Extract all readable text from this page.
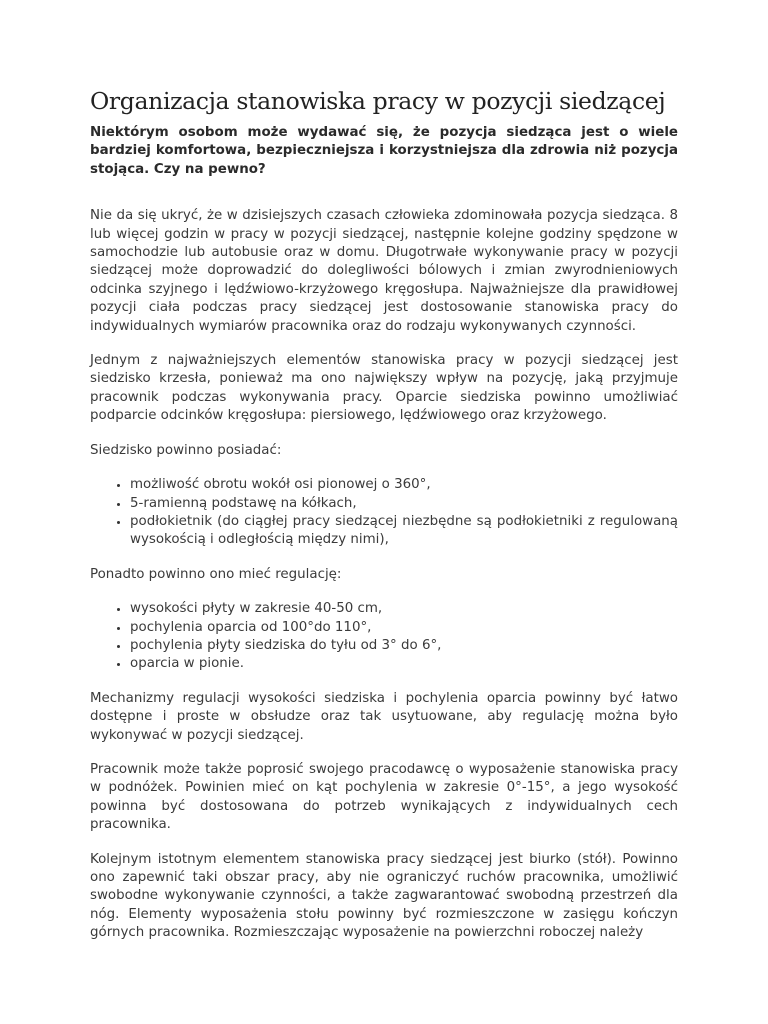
Organizacja stanowiska pracy w pozycji siedzącej

Niektórym osobom może wydawać się, że pozycja siedząca jest o wiele bardziej komfortowa, bezpieczniejsza i korzystniejsza dla zdrowia niż pozycja stojąca. Czy na pewno?

Nie da się ukryć, że w dzisiejszych czasach człowieka zdominowała pozycja siedząca. 8 lub więcej godzin w pracy w pozycji siedzącej, następnie kolejne godziny spędzone w samochodzie lub autobusie oraz w domu. Długotrwałe wykonywanie pracy w pozycji siedzącej może doprowadzić do dolegliwości bólowych i zmian zwyrodnieniowych odcinka szyjnego i lędźwiowo-krzyżowego kręgosłupa. Najważniejsze dla prawidłowej pozycji ciała podczas pracy siedzącej jest dostosowanie stanowiska pracy do indywidualnych wymiarów pracownika oraz do rodzaju wykonywanych czynności.

Jednym z najważniejszych elementów stanowiska pracy w pozycji siedzącej jest siedzisko krzesła, ponieważ ma ono największy wpływ na pozycję, jaką przyjmuje pracownik podczas wykonywania pracy. Oparcie siedziska powinno umożliwiać podparcie odcinków kręgosłupa: piersiowego, lędźwiowego oraz krzyżowego.

Siedzisko powinno posiadać:

• możliwość obrotu wokół osi pionowej o 360°,
• 5-ramienną podstawę na kółkach,
• podłokietnik (do ciągłej pracy siedzącej niezbędne są podłokietniki z regulowaną wysokością i odległością między nimi),

Ponadto powinno ono mieć regulację:

• wysokości płyty w zakresie 40-50 cm,
• pochylenia oparcia od 100°do 110°,
• pochylenia płyty siedziska do tyłu od 3° do 6°,
• oparcia w pionie.

Mechanizmy regulacji wysokości siedziska i pochylenia oparcia powinny być łatwo dostępne i proste w obsłudze oraz tak usytuowane, aby regulację można było wykonywać w pozycji siedzącej.

Pracownik może także poprosić swojego pracodawcę o wyposażenie stanowiska pracy w podnóżek. Powinien mieć on kąt pochylenia w zakresie 0°-15°, a jego wysokość powinna być dostosowana do potrzeb wynikających z indywidualnych cech pracownika.

Kolejnym istotnym elementem stanowiska pracy siedzącej jest biurko (stół). Powinno ono zapewnić taki obszar pracy, aby nie ograniczyć ruchów pracownika, umożliwić swobodne wykonywanie czynności, a także zagwarantować swobodną przestrzeń dla nóg. Elementy wyposażenia stołu powinny być rozmieszczone w zasięgu kończyn górnych pracownika. Rozmieszczając wyposażenie na powierzchni roboczej należy
